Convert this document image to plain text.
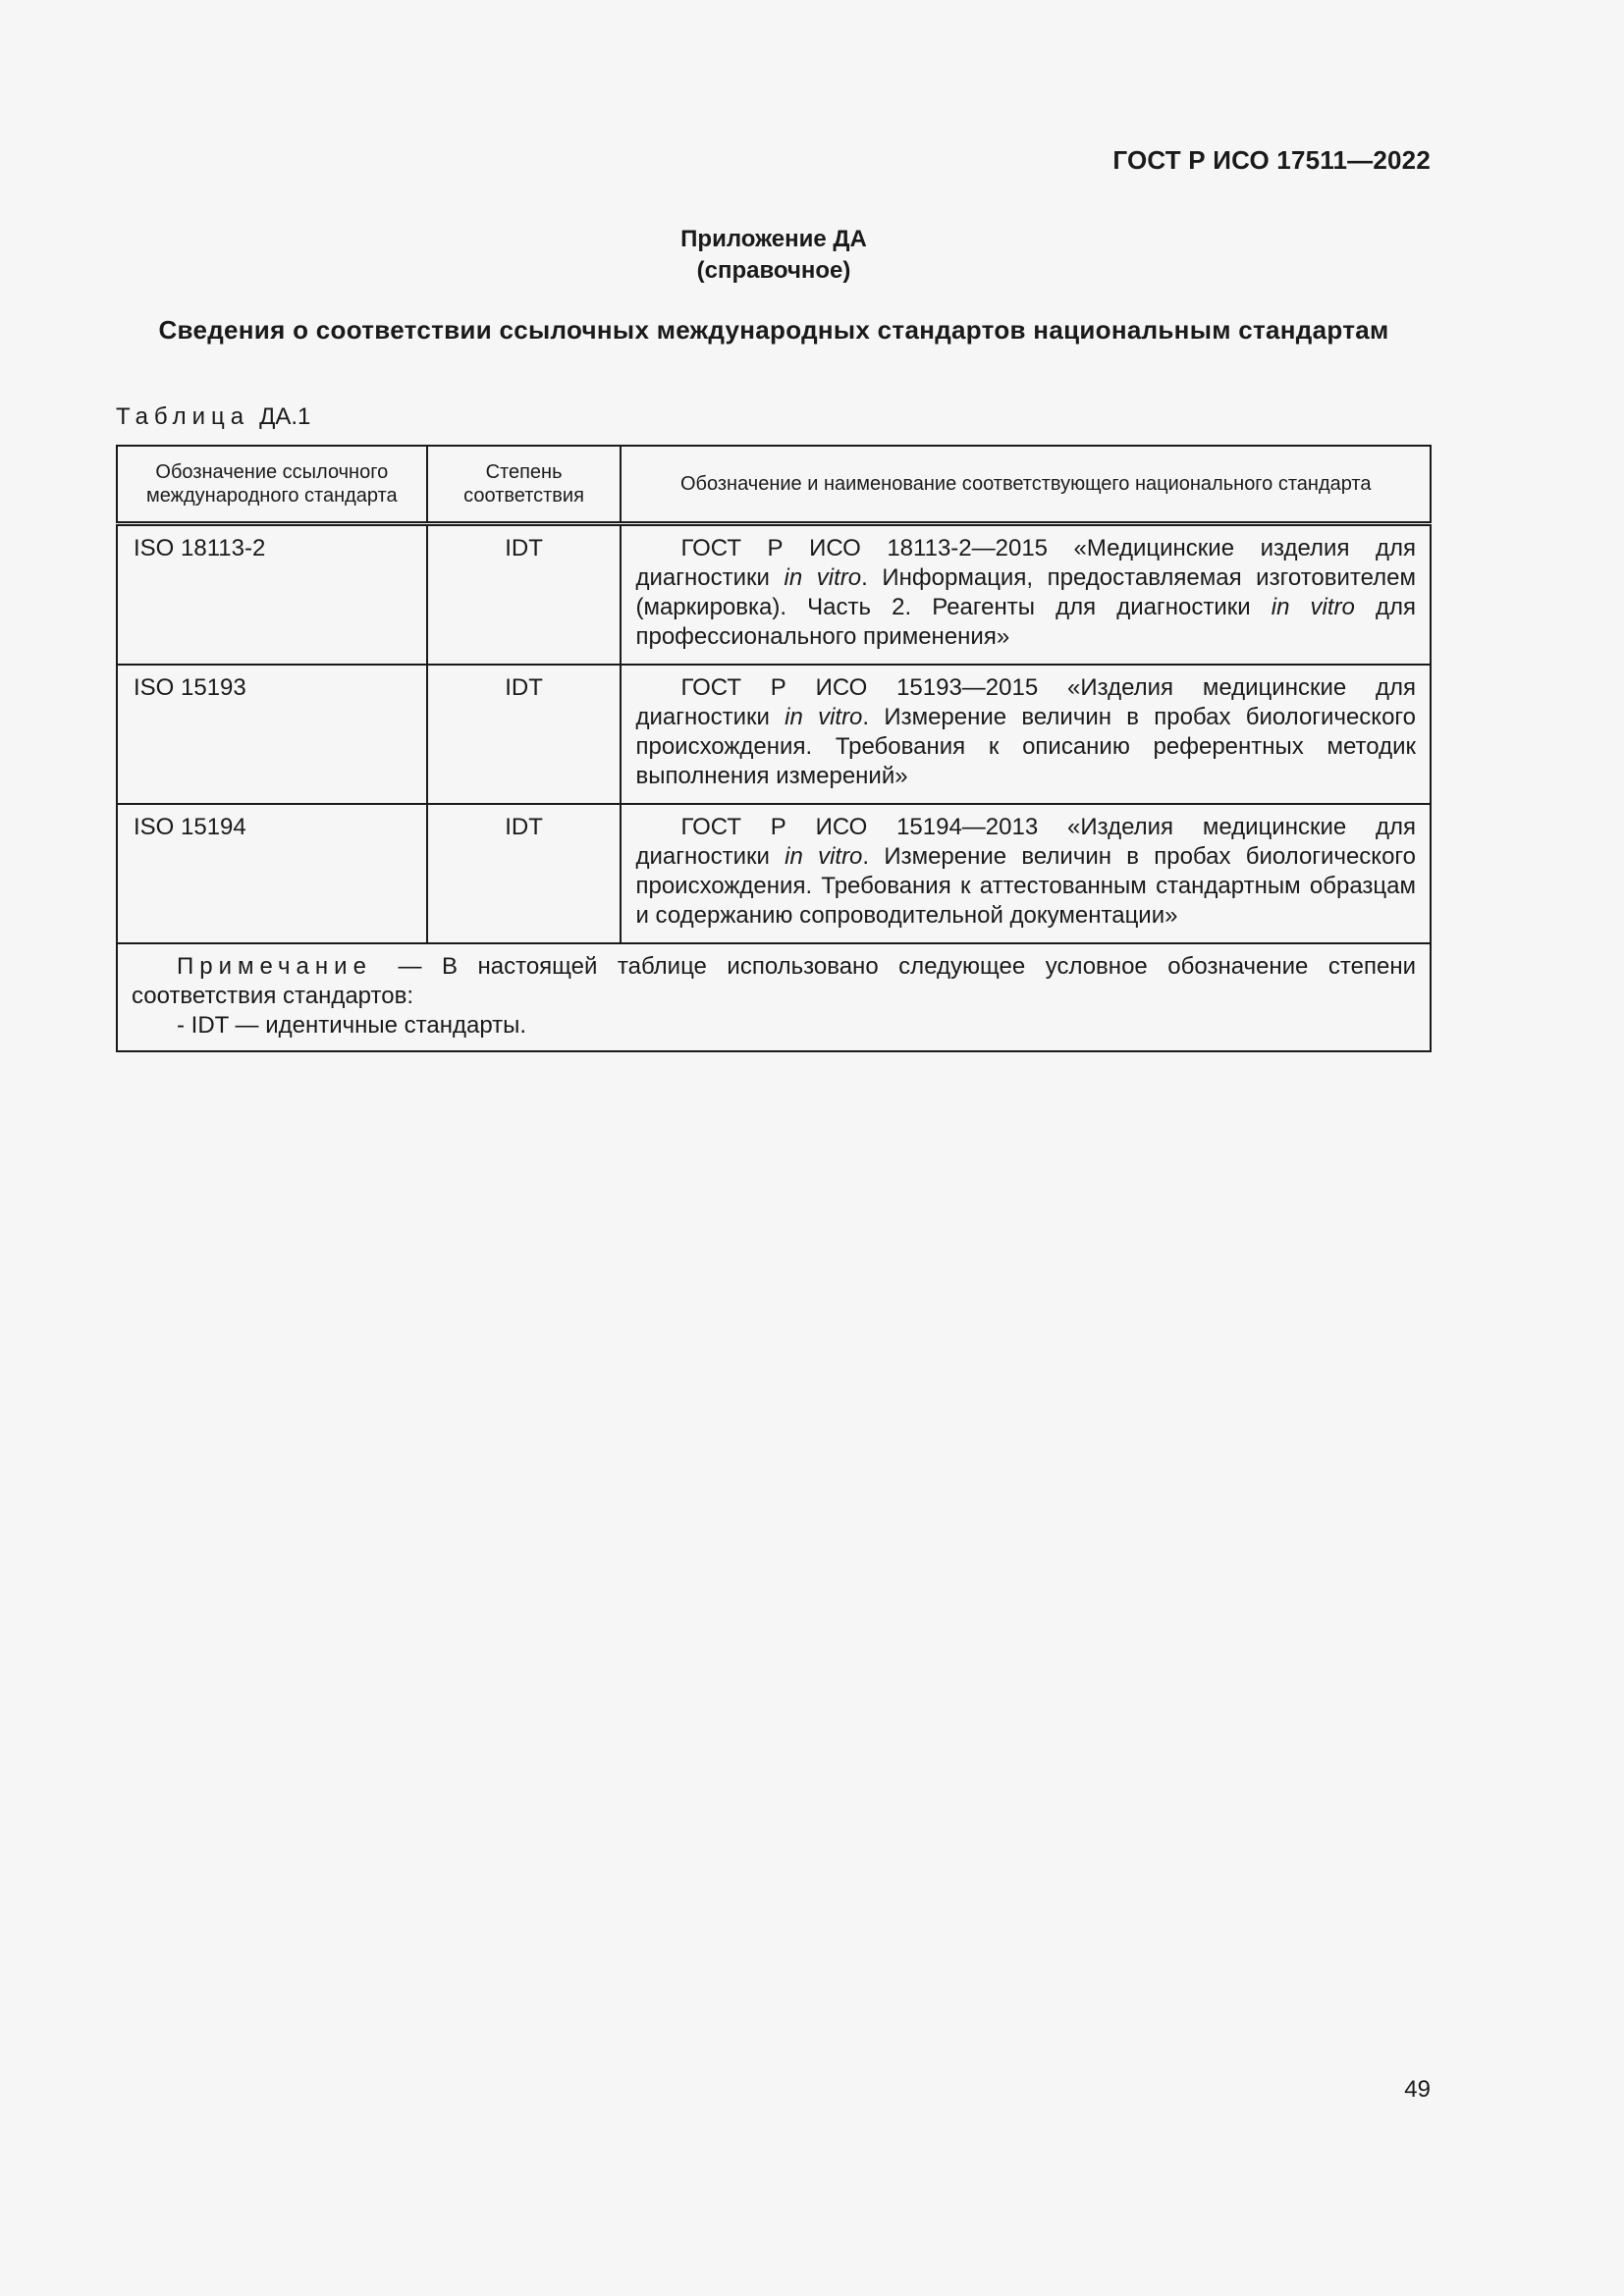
ГОСТ Р ИСО 17511—2022
Приложение ДА
(справочное)
Сведения о соответствии ссылочных международных стандартов национальным стандартам
Таблица ДА.1
Обозначение ссылочного международного стандарта	Степень соответствия	Обозначение и наименование соответствующего национального стандарта
ISO 18113-2	IDT	ГОСТ Р ИСО 18113-2—2015 «Медицинские изделия для диагностики in vitro. Информация, предоставляемая изготовителем (маркировка). Часть 2. Реагенты для диагностики in vitro для профессионального применения»
ISO 15193	IDT	ГОСТ Р ИСО 15193—2015 «Изделия медицинские для диагностики in vitro. Измерение величин в пробах биологического происхождения. Требования к описанию референтных методик выполнения измерений»
ISO 15194	IDT	ГОСТ Р ИСО 15194—2013 «Изделия медицинские для диагностики in vitro. Измерение величин в пробах биологического происхождения. Требования к аттестованным стандартным образцам и содержанию сопроводительной документации»

Примечание — В настоящей таблице использовано следующее условное обозначение степени соответствия стандартов:

- IDT — идентичные стандарты.		

49
